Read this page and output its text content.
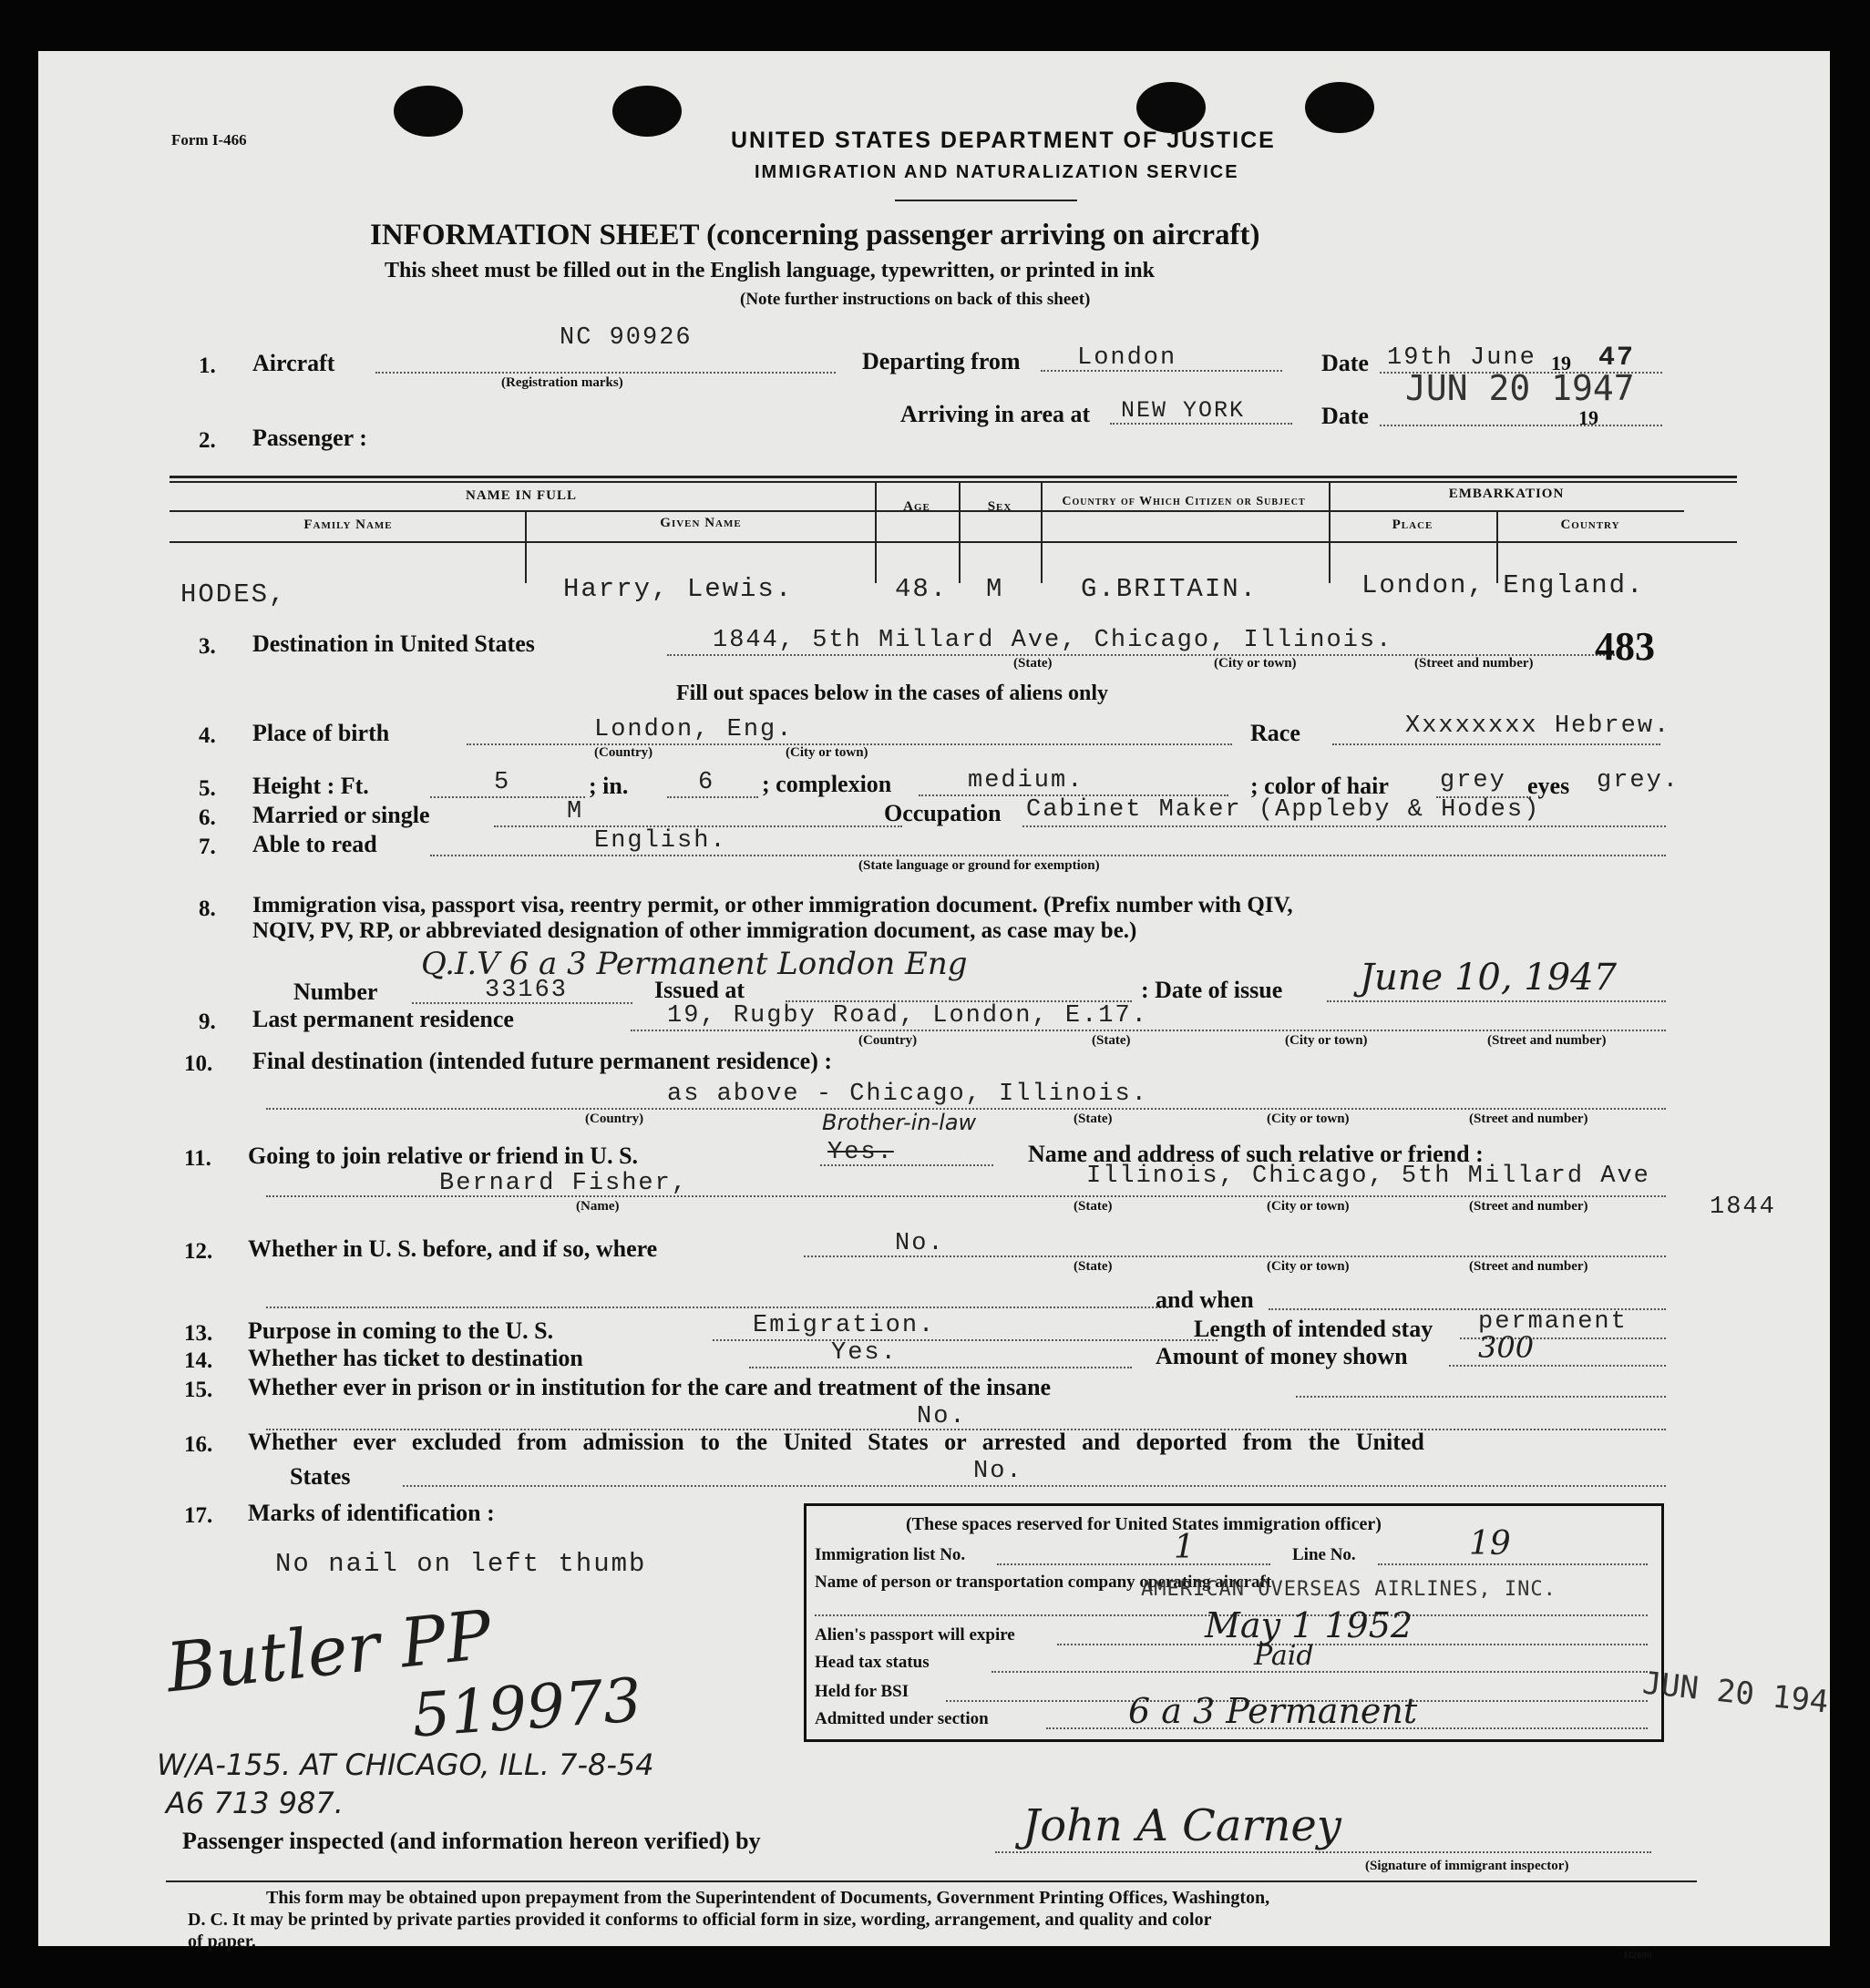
Form I-466	UNITED STATES DEPARTMENT OF JUSTICE
IMMIGRATION AND NATURALIZATION SERVICE
INFORMATION SHEET (concerning passenger arriving on aircraft)
This sheet must be filled out in the English language, typewritten, or printed in ink
(Note further instructions on back of this sheet)
1. Aircraft
NC 90926
(Registration marks)
Departing from London	Date 19th June 19 47
Arriving in area at NEW YORK	Date
JUN 20 1947
19
2. Passenger :
NAME IN FULL
Family Name	Given Name
Age	Sex	Country of Which Citizen or Subject
EMBARKATION
Place	Country
HODES,	Harry, Lewis.	48. M	G.BRITAIN.	London, England.
3. Destination in United States	1844, 5th Millard Ave, Chicago, Illinois.
(State)	(City or town)	(Street and number) 483
Fill out spaces below in the cases of aliens only
4. Place of birth	London, Eng.
(Country)	(City or town)
Race	Xxxxxxxx Hebrew.
5. Height : Ft.	5	; in.	6 ; complexion	medium.	; color of hair grey eyes grey.
6. Married or single	M	Occupation Cabinet Maker (Appleby & Hodes)
7. Able to read	English.
(State language or ground for exemption)
8. Immigration visa, passport visa, reentry permit, or other immigration document. (Prefix number with QIV,
NQIV, PV, RP, or abbreviated designation of other immigration document, as case may be.)
Q.I.V 6 a 3 Permanent London Eng
Number	33163	Issued at	: Date of issue June 10, 1947
9. Last permanent residence	19, Rugby Road, London, E.17.
(Country)	(State)	(City or town)	(Street and number)
10. Final destination (intended future permanent residence) :
as above - Chicago, Illinois.
(Country)	(State)	(City or town)	(Street and number)
11. Going to join relative or friend in U. S.	Yes.
Brother-in-law
Name and address of such relative or friend :
Bernard Fisher,	Illinois, Chicago, 5th Millard Ave
1844
(Name)	(State)	(City or town)	(Street and number)
12. Whether in U. S. before, and if so, where	No.
(State)	(City or town)	(Street and number)
and when
13. Purpose in coming to the U. S.	Emigration.	Length of intended stay permanent
14. Whether has ticket to destination	Yes.	Amount of money shown 300
15. Whether ever in prison or in institution for the care and treatment of the insane
No.
16. Whether ever excluded from admission to the United States or arrested and deported from the United
States	No.
17. Marks of identification :
No nail on left thumb
(These spaces reserved for United States immigration officer)
Immigration list No.	1	Line No.	19
Name of person or transportation company operating aircraft
AMERICAN OVERSEAS AIRLINES, INC.
Alien's passport will expire	May 1 1952
Head tax status	Paid
Held for BSI
Admitted under section	6 a 3 Permanent	JUN 20 194
Butler PP
519973
W/A-155. AT CHICAGO, ILL. 7-8-54
A6 713 987.
Passenger inspected (and information hereon verified) by	John A Carney
(Signature of immigrant inspector)
This form may be obtained upon prepayment from the Superintendent of Documents, Government Printing Offices, Washington,
D. C. It may be printed by private parties provided it conforms to official form in size, wording, arrangement, and quality and color
of paper.
H2886
